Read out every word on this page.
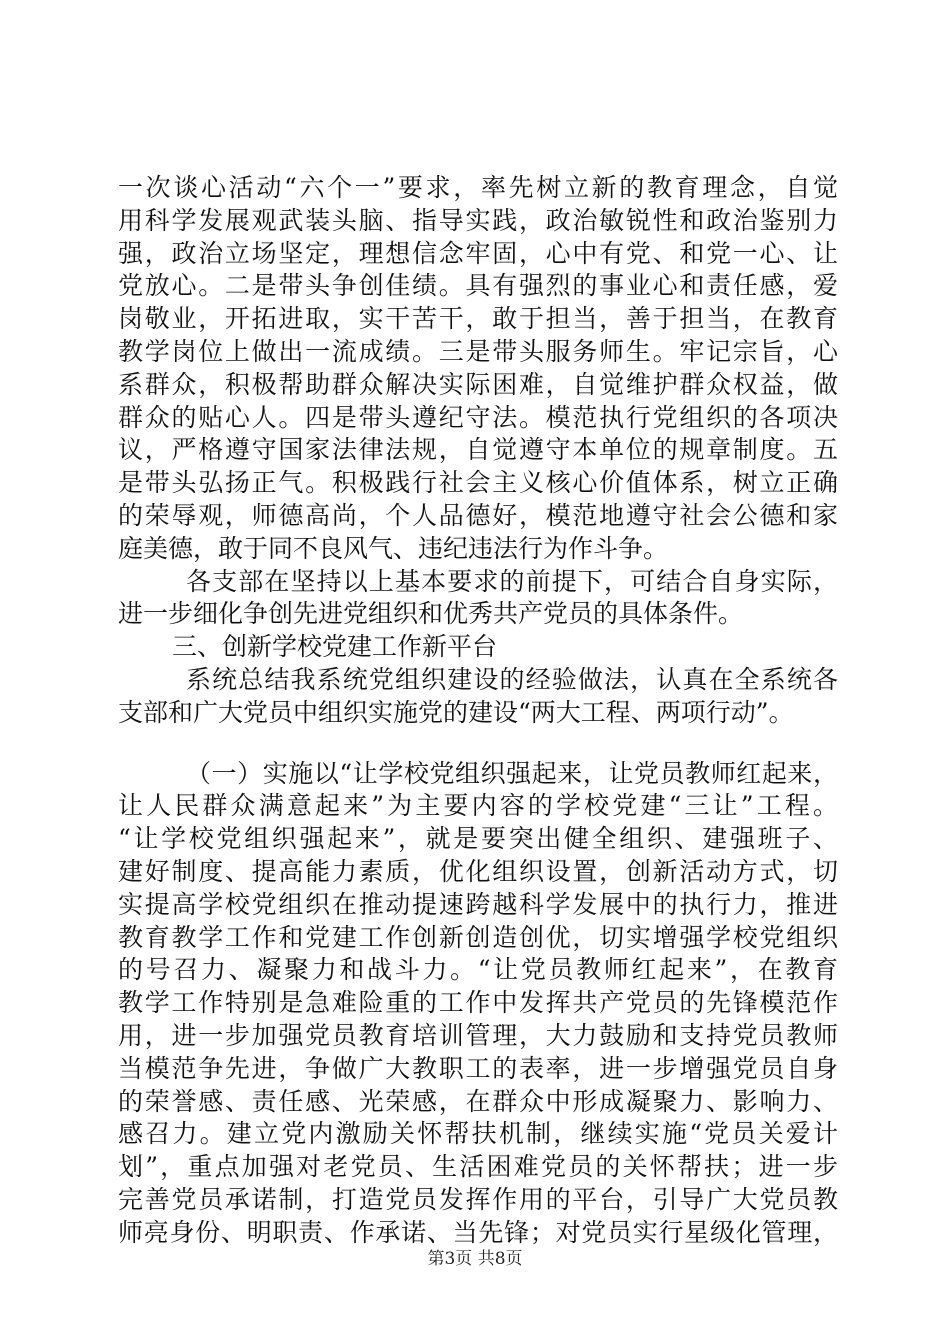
一次谈心活动“六个一”要求，率先树立新的教育理念，自觉
用科学发展观武装头脑、指导实践，政治敏锐性和政治鉴别力
强，政治立场坚定，理想信念牢固，心中有党、和党一心、让
党放心。二是带头争创佳绩。具有强烈的事业心和责任感，爱
岗敬业，开拓进取，实干苦干，敢于担当，善于担当，在教育
教学岗位上做出一流成绩。三是带头服务师生。牢记宗旨，心
系群众，积极帮助群众解决实际困难，自觉维护群众权益，做
群众的贴心人。四是带头遵纪守法。模范执行党组织的各项决
议，严格遵守国家法律法规，自觉遵守本单位的规章制度。五
是带头弘扬正气。积极践行社会主义核心价值体系，树立正确
的荣辱观，师德高尚，个人品德好，模范地遵守社会公德和家
庭美德，敢于同不良风气、违纪违法行为作斗争。
各支部在坚持以上基本要求的前提下，可结合自身实际，
进一步细化争创先进党组织和优秀共产党员的具体条件。
三、创新学校党建工作新平台
系统总结我系统党组织建设的经验做法，认真在全系统各
支部和广大党员中组织实施党的建设“两大工程、两项行动”。
（一）实施以“让学校党组织强起来，让党员教师红起来，
让人民群众满意起来”为主要内容的学校党建“三让”工程。
“让学校党组织强起来”，就是要突出健全组织、建强班子、
建好制度、提高能力素质，优化组织设置，创新活动方式，切
实提高学校党组织在推动提速跨越科学发展中的执行力，推进
教育教学工作和党建工作创新创造创优，切实增强学校党组织
的号召力、凝聚力和战斗力。“让党员教师红起来”，在教育
教学工作特别是急难险重的工作中发挥共产党员的先锋模范作
用，进一步加强党员教育培训管理，大力鼓励和支持党员教师
当模范争先进，争做广大教职工的表率，进一步增强党员自身
的荣誉感、责任感、光荣感，在群众中形成凝聚力、影响力、
感召力。建立党内激励关怀帮扶机制，继续实施“党员关爱计
划”，重点加强对老党员、生活困难党员的关怀帮扶；进一步
完善党员承诺制，打造党员发挥作用的平台，引导广大党员教
师亮身份、明职责、作承诺、当先锋；对党员实行星级化管理，
第3页 共8页
